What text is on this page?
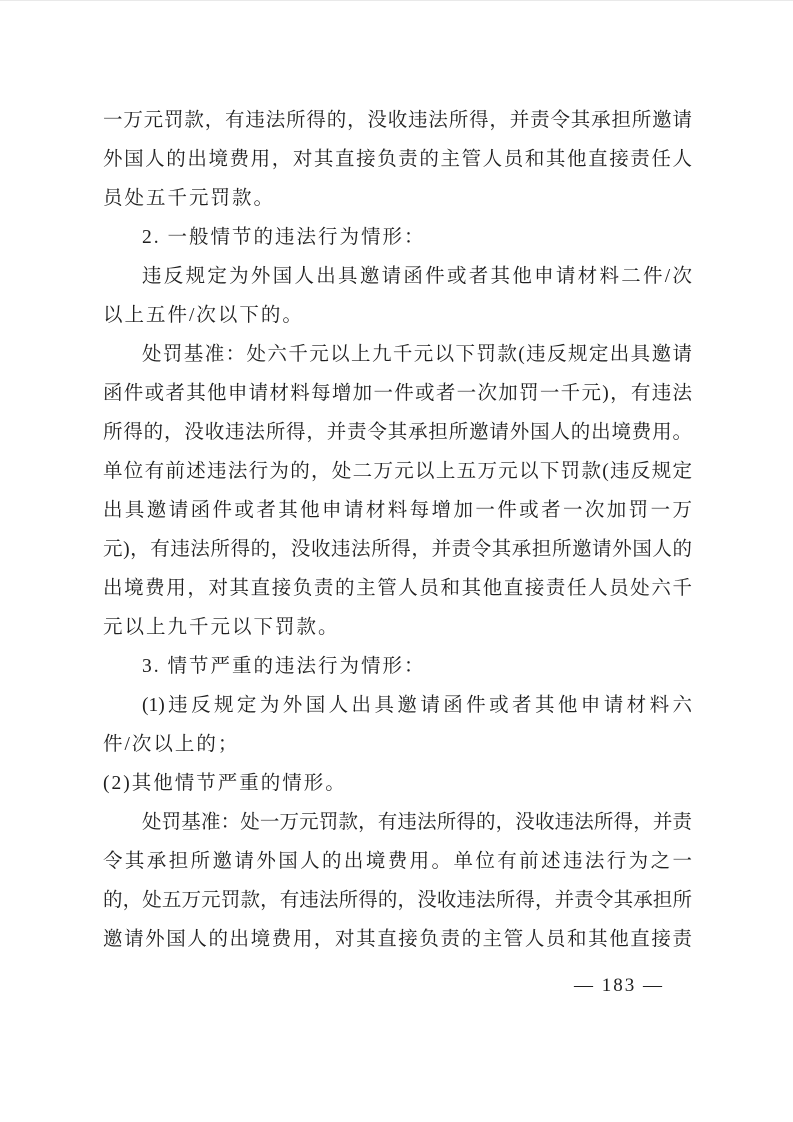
一万元罚款，有违法所得的，没收违法所得，并责令其承担所邀请
外国人的出境费用，对其直接负责的主管人员和其他直接责任人
员处五千元罚款。
2. 一般情节的违法行为情形：
违反规定为外国人出具邀请函件或者其他申请材料二件/次
以上五件/次以下的。
处罚基准：处六千元以上九千元以下罚款(违反规定出具邀请
函件或者其他申请材料每增加一件或者一次加罚一千元)，有违法
所得的，没收违法所得，并责令其承担所邀请外国人的出境费用。
单位有前述违法行为的，处二万元以上五万元以下罚款(违反规定
出具邀请函件或者其他申请材料每增加一件或者一次加罚一万
元)，有违法所得的，没收违法所得，并责令其承担所邀请外国人的
出境费用，对其直接负责的主管人员和其他直接责任人员处六千
元以上九千元以下罚款。
3. 情节严重的违法行为情形：
(1)违反规定为外国人出具邀请函件或者其他申请材料六
件/次以上的；
(2)其他情节严重的情形。
处罚基准：处一万元罚款，有违法所得的，没收违法所得，并责
令其承担所邀请外国人的出境费用。单位有前述违法行为之一
的，处五万元罚款，有违法所得的，没收违法所得，并责令其承担所
邀请外国人的出境费用，对其直接负责的主管人员和其他直接责
— 183 —
